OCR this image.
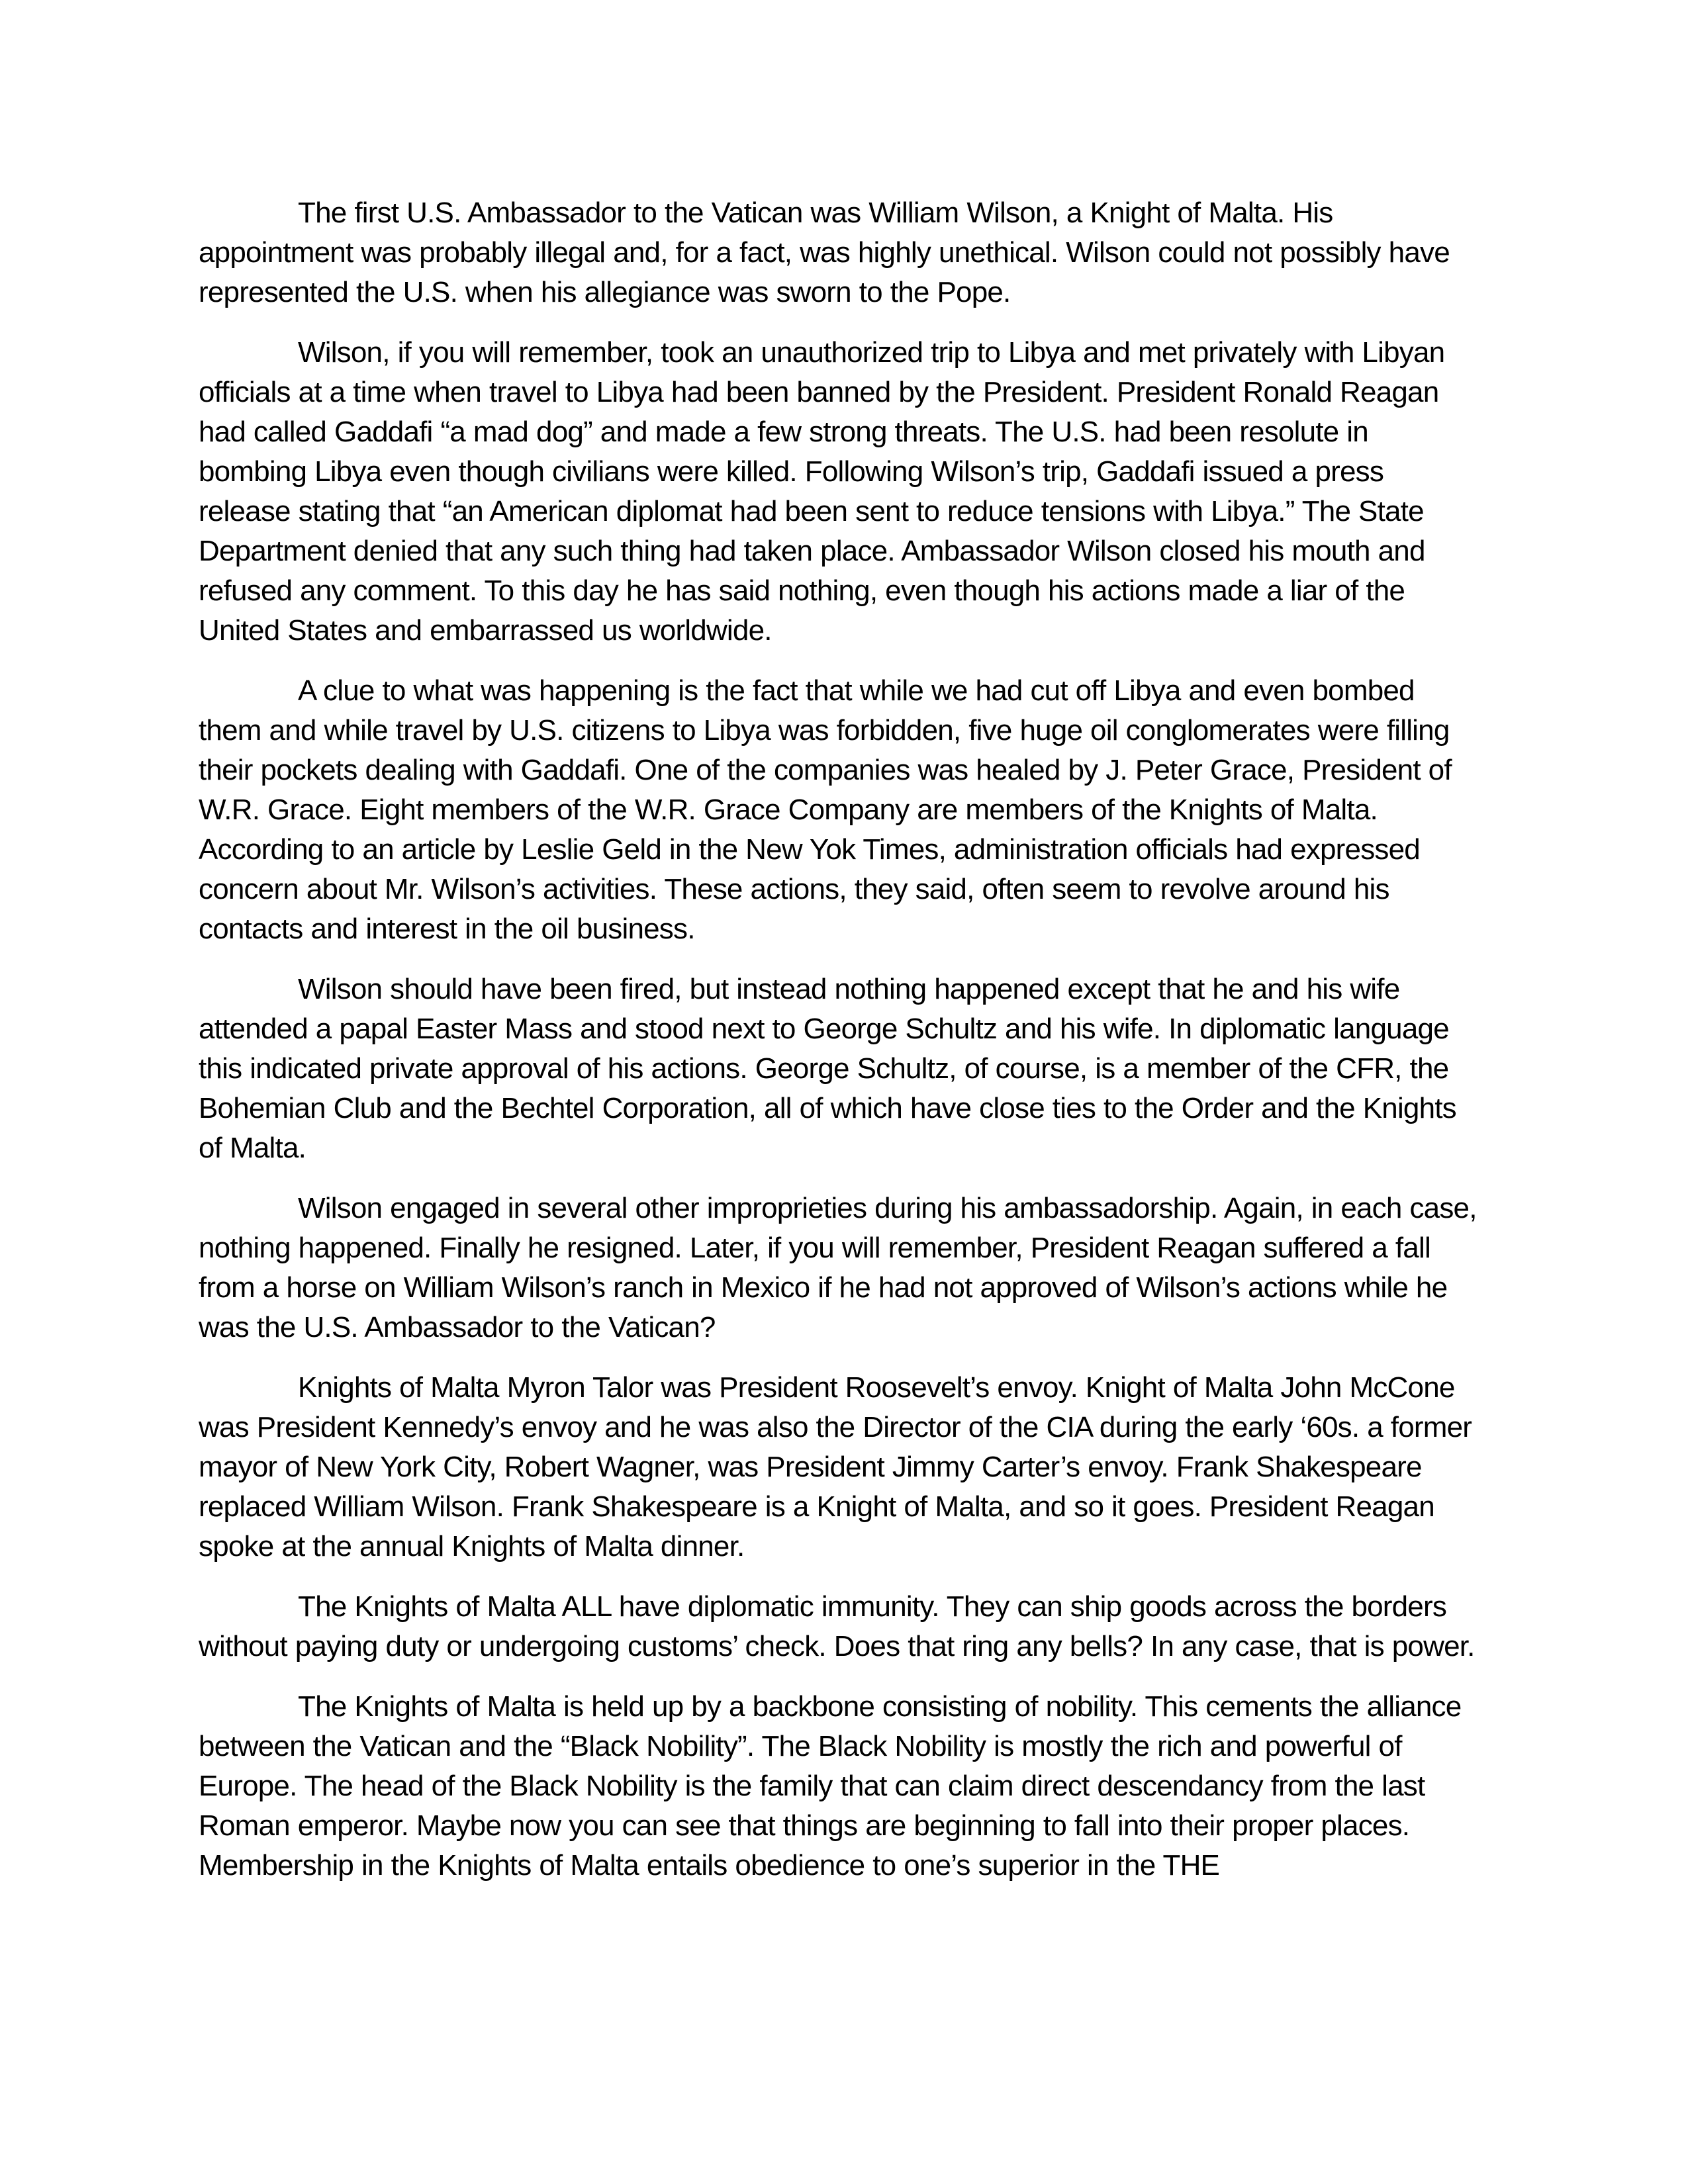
The first U.S. Ambassador to the Vatican was William Wilson, a Knight of Malta. His appointment was probably illegal and, for a fact, was highly unethical. Wilson could not possibly have represented the U.S. when his allegiance was sworn to the Pope.

Wilson, if you will remember, took an unauthorized trip to Libya and met privately with Libyan officials at a time when travel to Libya had been banned by the President. President Ronald Reagan had called Gaddafi “a mad dog” and made a few strong threats. The U.S. had been resolute in bombing Libya even though civilians were killed. Following Wilson’s trip, Gaddafi issued a press release stating that “an American diplomat had been sent to reduce tensions with Libya.” The State Department denied that any such thing had taken place. Ambassador Wilson closed his mouth and refused any comment. To this day he has said nothing, even though his actions made a liar of the United States and embarrassed us worldwide.

A clue to what was happening is the fact that while we had cut off Libya and even bombed them and while travel by U.S. citizens to Libya was forbidden, five huge oil conglomerates were filling their pockets dealing with Gaddafi. One of the companies was healed by J. Peter Grace, President of W.R. Grace. Eight members of the W.R. Grace Company are members of the Knights of Malta. According to an article by Leslie Geld in the New Yok Times, administration officials had expressed concern about Mr. Wilson’s activities. These actions, they said, often seem to revolve around his contacts and interest in the oil business.

Wilson should have been fired, but instead nothing happened except that he and his wife attended a papal Easter Mass and stood next to George Schultz and his wife. In diplomatic language this indicated private approval of his actions. George Schultz, of course, is a member of the CFR, the Bohemian Club and the Bechtel Corporation, all of which have close ties to the Order and the Knights of Malta.

Wilson engaged in several other improprieties during his ambassadorship. Again, in each case, nothing happened. Finally he resigned. Later, if you will remember, President Reagan suffered a fall from a horse on William Wilson’s ranch in Mexico if he had not approved of Wilson’s actions while he was the U.S. Ambassador to the Vatican?

Knights of Malta Myron Talor was President Roosevelt’s envoy. Knight of Malta John McCone was President Kennedy’s envoy and he was also the Director of the CIA during the early ‘60s. a former mayor of New York City, Robert Wagner, was President Jimmy Carter’s envoy. Frank Shakespeare replaced William Wilson. Frank Shakespeare is a Knight of Malta, and so it goes. President Reagan spoke at the annual Knights of Malta dinner.

The Knights of Malta ALL have diplomatic immunity. They can ship goods across the borders without paying duty or undergoing customs’ check. Does that ring any bells? In any case, that is power.

The Knights of Malta is held up by a backbone consisting of nobility. This cements the alliance between the Vatican and the “Black Nobility”. The Black Nobility is mostly the rich and powerful of Europe. The head of the Black Nobility is the family that can claim direct descendancy from the last Roman emperor. Maybe now you can see that things are beginning to fall into their proper places. Membership in the Knights of Malta entails obedience to one’s superior in the THE
